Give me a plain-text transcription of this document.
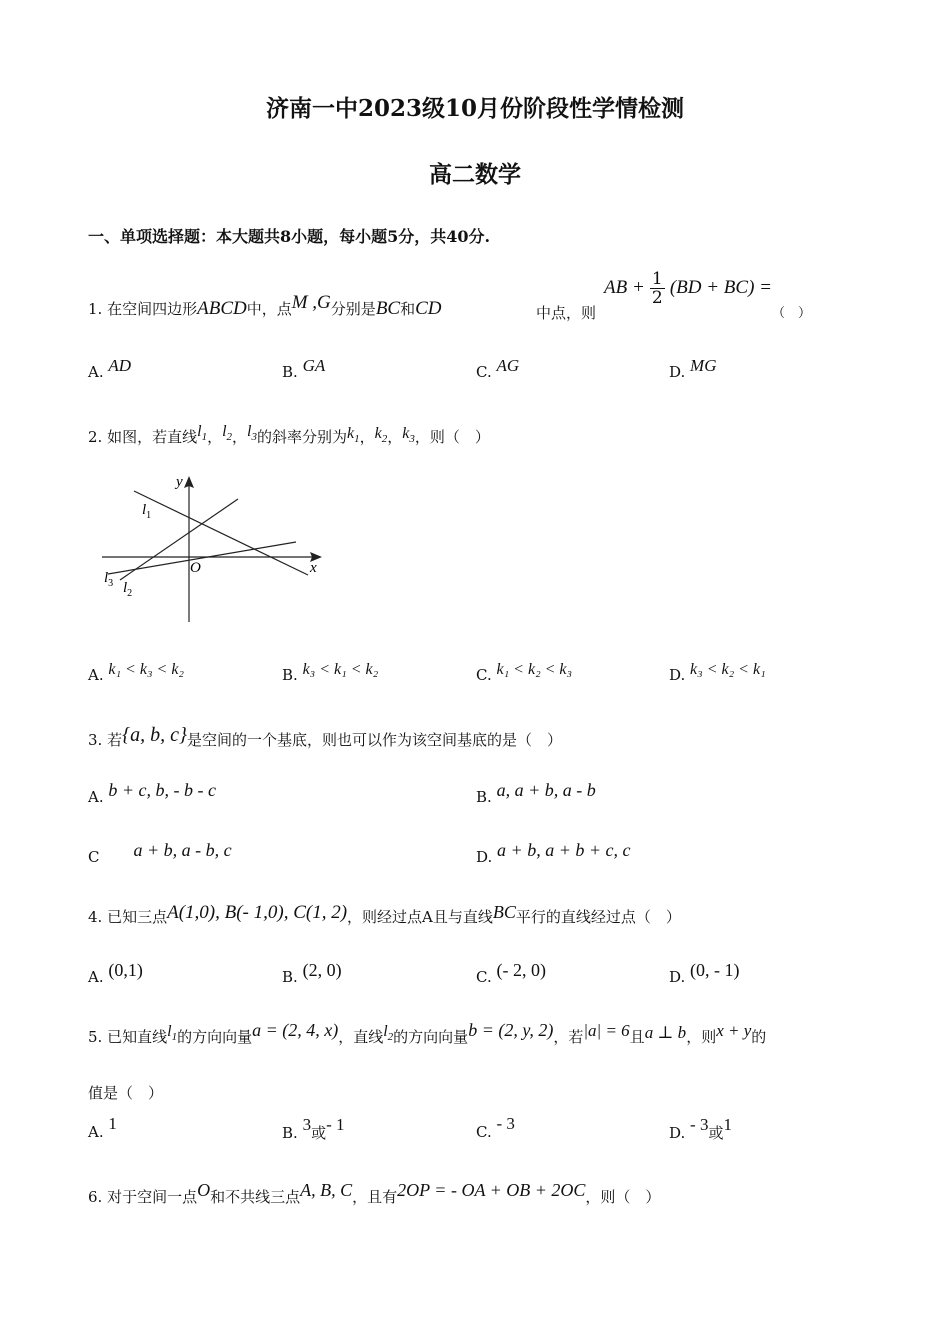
济南一中2023级10月份阶段性学情检测
高二数学
一、单项选择题：本大题共8小题，每小题5分，共40分.
1. 在空间四边形ABCD中，点M ,G分别是BC和CD	中点，则
AB + $\frac{1}{2} (BD + BC)$ =
（　）
A. AD	B. GA	C. AG	D. MG
2. 如图，若直线$l_1$，$l_2$，$l_3$的斜率分别为$k_1$，$k_2$，$k_3$，则（　）
y
x
O
$l_1$
$l_2$
$l_3$
A. k₁ < k₃ < k₂	B. k₃ < k₁ < k₂	C. k₁ < k₂ < k₃	D. k₃ < k₂ < k₁
3. 若{a, b, c}是空间的一个基底，则也可以作为该空间基底的是（　）
A. b + c, b, - b - c	B. a, a + b, a - b
C a + b, a - b, c	D. a + b, a + b + c, c
4. 已知三点A(1,0), B(- 1,0), C(1, 2)，则经过点A且与直线BC平行的直线经过点（　）
A. (0,1)	B. (2, 0)	C. (- 2, 0)	D. (0, - 1)
5. 已知直线$l_1$的方向向量a = (2, 4, x)，直线$l_2$的方向向量b = (2, y, 2)，若|a| = 6且a ⊥ b，则x + y的
值是（　）
A. 1	B. 3或- 1	C. - 3	D. - 3或1
6. 对于空间一点O和不共线三点A, B, C，且有2OP = - OA + OB + 2OC，则（　）
